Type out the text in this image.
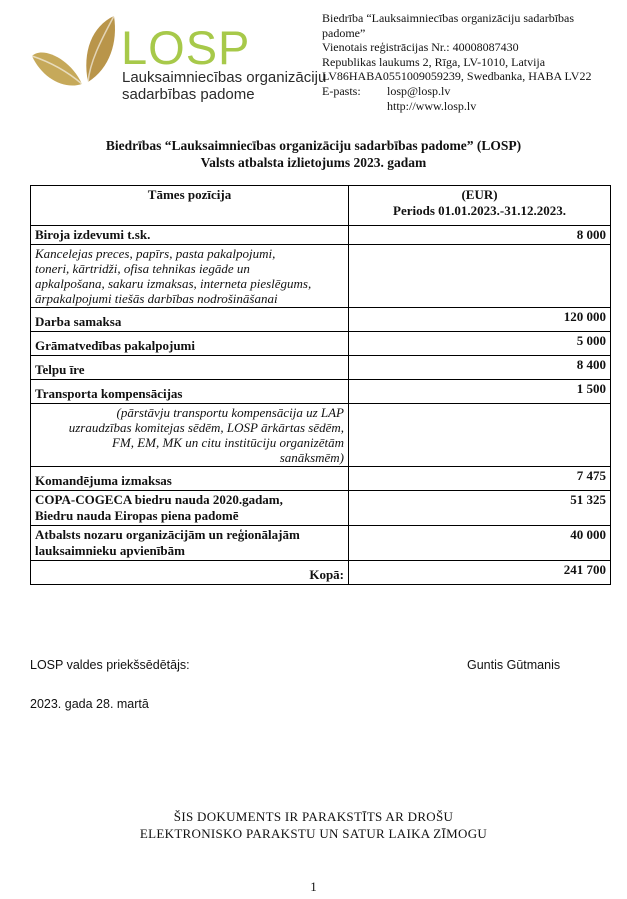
LOSP
Lauksaimniecības organizāciju
sadarbības padome
Biedrība “Lauksaimniecības organizāciju sadarbības
padome”
Vienotais reģistrācijas Nr.: 40008087430
Republikas laukums 2, Rīga, LV-1010, Latvija
LV86HABA0551009059239, Swedbanka, HABA LV22
E-pasts:	losp@losp.lv
http://www.losp.lv
Biedrības “Lauksaimniecības organizāciju sadarbības padome” (LOSP)
Valsts atbalsta izlietojums 2023. gadam
Tāmes pozīcija	(EUR)
Periods 01.01.2023.-31.12.2023.

Biroja izdevumi t.sk.	8 000

Kancelejas preces, papīrs, pasta pakalpojumi,
toneri, kārtridži, ofisa tehnikas iegāde un
apkalpošana, sakaru izmaksas, interneta pieslēgums,
ārpakalpojumi tiešās darbības nodrošināšanai	

Darba samaksa	120 000
Grāmatvedības pakalpojumi	5 000
Telpu īre	8 400
Transporta kompensācijas	1 500

(pārstāvju transportu kompensācija uz LAP
uzraudzības komitejas sēdēm, LOSP ārkārtas sēdēm,
FM, EM, MK un citu institūciju organizētām
sanāksmēm)	

Komandējuma izmaksas	7 475

COPA-COGECA biedru nauda 2020.gadam,
Biedru nauda Eiropas piena padomē	51 325

Atbalsts nozaru organizācijām un reģionālajām
lauksaimnieku apvienībām	40 000
Kopā:	241 700
LOSP valdes priekšsēdētājs:	Guntis Gūtmanis
2023. gada 28. martā
ŠIS DOKUMENTS IR PARAKSTĪTS AR DROŠU
ELEKTRONISKO PARAKSTU UN SATUR LAIKA ZĪMOGU
1
